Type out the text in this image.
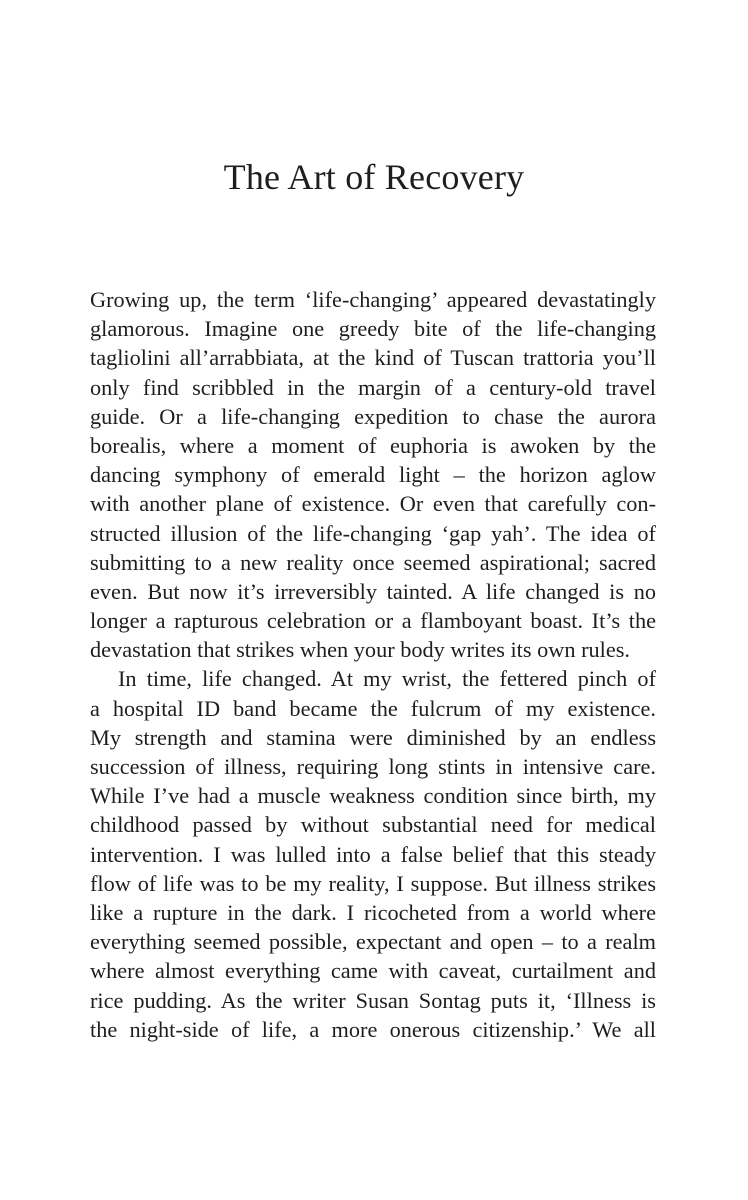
The Art of Recovery
Growing up, the term ‘life-changing’ appeared devastatingly
glamorous. Imagine one greedy bite of the life-changing
tagliolini all’arrabbiata, at the kind of Tuscan trattoria you’ll
only find scribbled in the margin of a century-old travel
guide. Or a life-changing expedition to chase the aurora
borealis, where a moment of euphoria is awoken by the
dancing symphony of emerald light – the horizon aglow
with another plane of existence. Or even that carefully con-
structed illusion of the life-changing ‘gap yah’. The idea of
submitting to a new reality once seemed aspirational; sacred
even. But now it’s irreversibly tainted. A life changed is no
longer a rapturous celebration or a flamboyant boast. It’s the
devastation that strikes when your body writes its own rules.
In time, life changed. At my wrist, the fettered pinch of
a hospital ID band became the fulcrum of my existence.
My strength and stamina were diminished by an endless
succession of illness, requiring long stints in intensive care.
While I’ve had a muscle weakness condition since birth, my
childhood passed by without substantial need for medical
intervention. I was lulled into a false belief that this steady
flow of life was to be my reality, I suppose. But illness strikes
like a rupture in the dark. I ricocheted from a world where
everything seemed possible, expectant and open – to a realm
where almost everything came with caveat, curtailment and
rice pudding. As the writer Susan Sontag puts it, ‘Illness is
the night-side of life, a more onerous citizenship.’ We all
